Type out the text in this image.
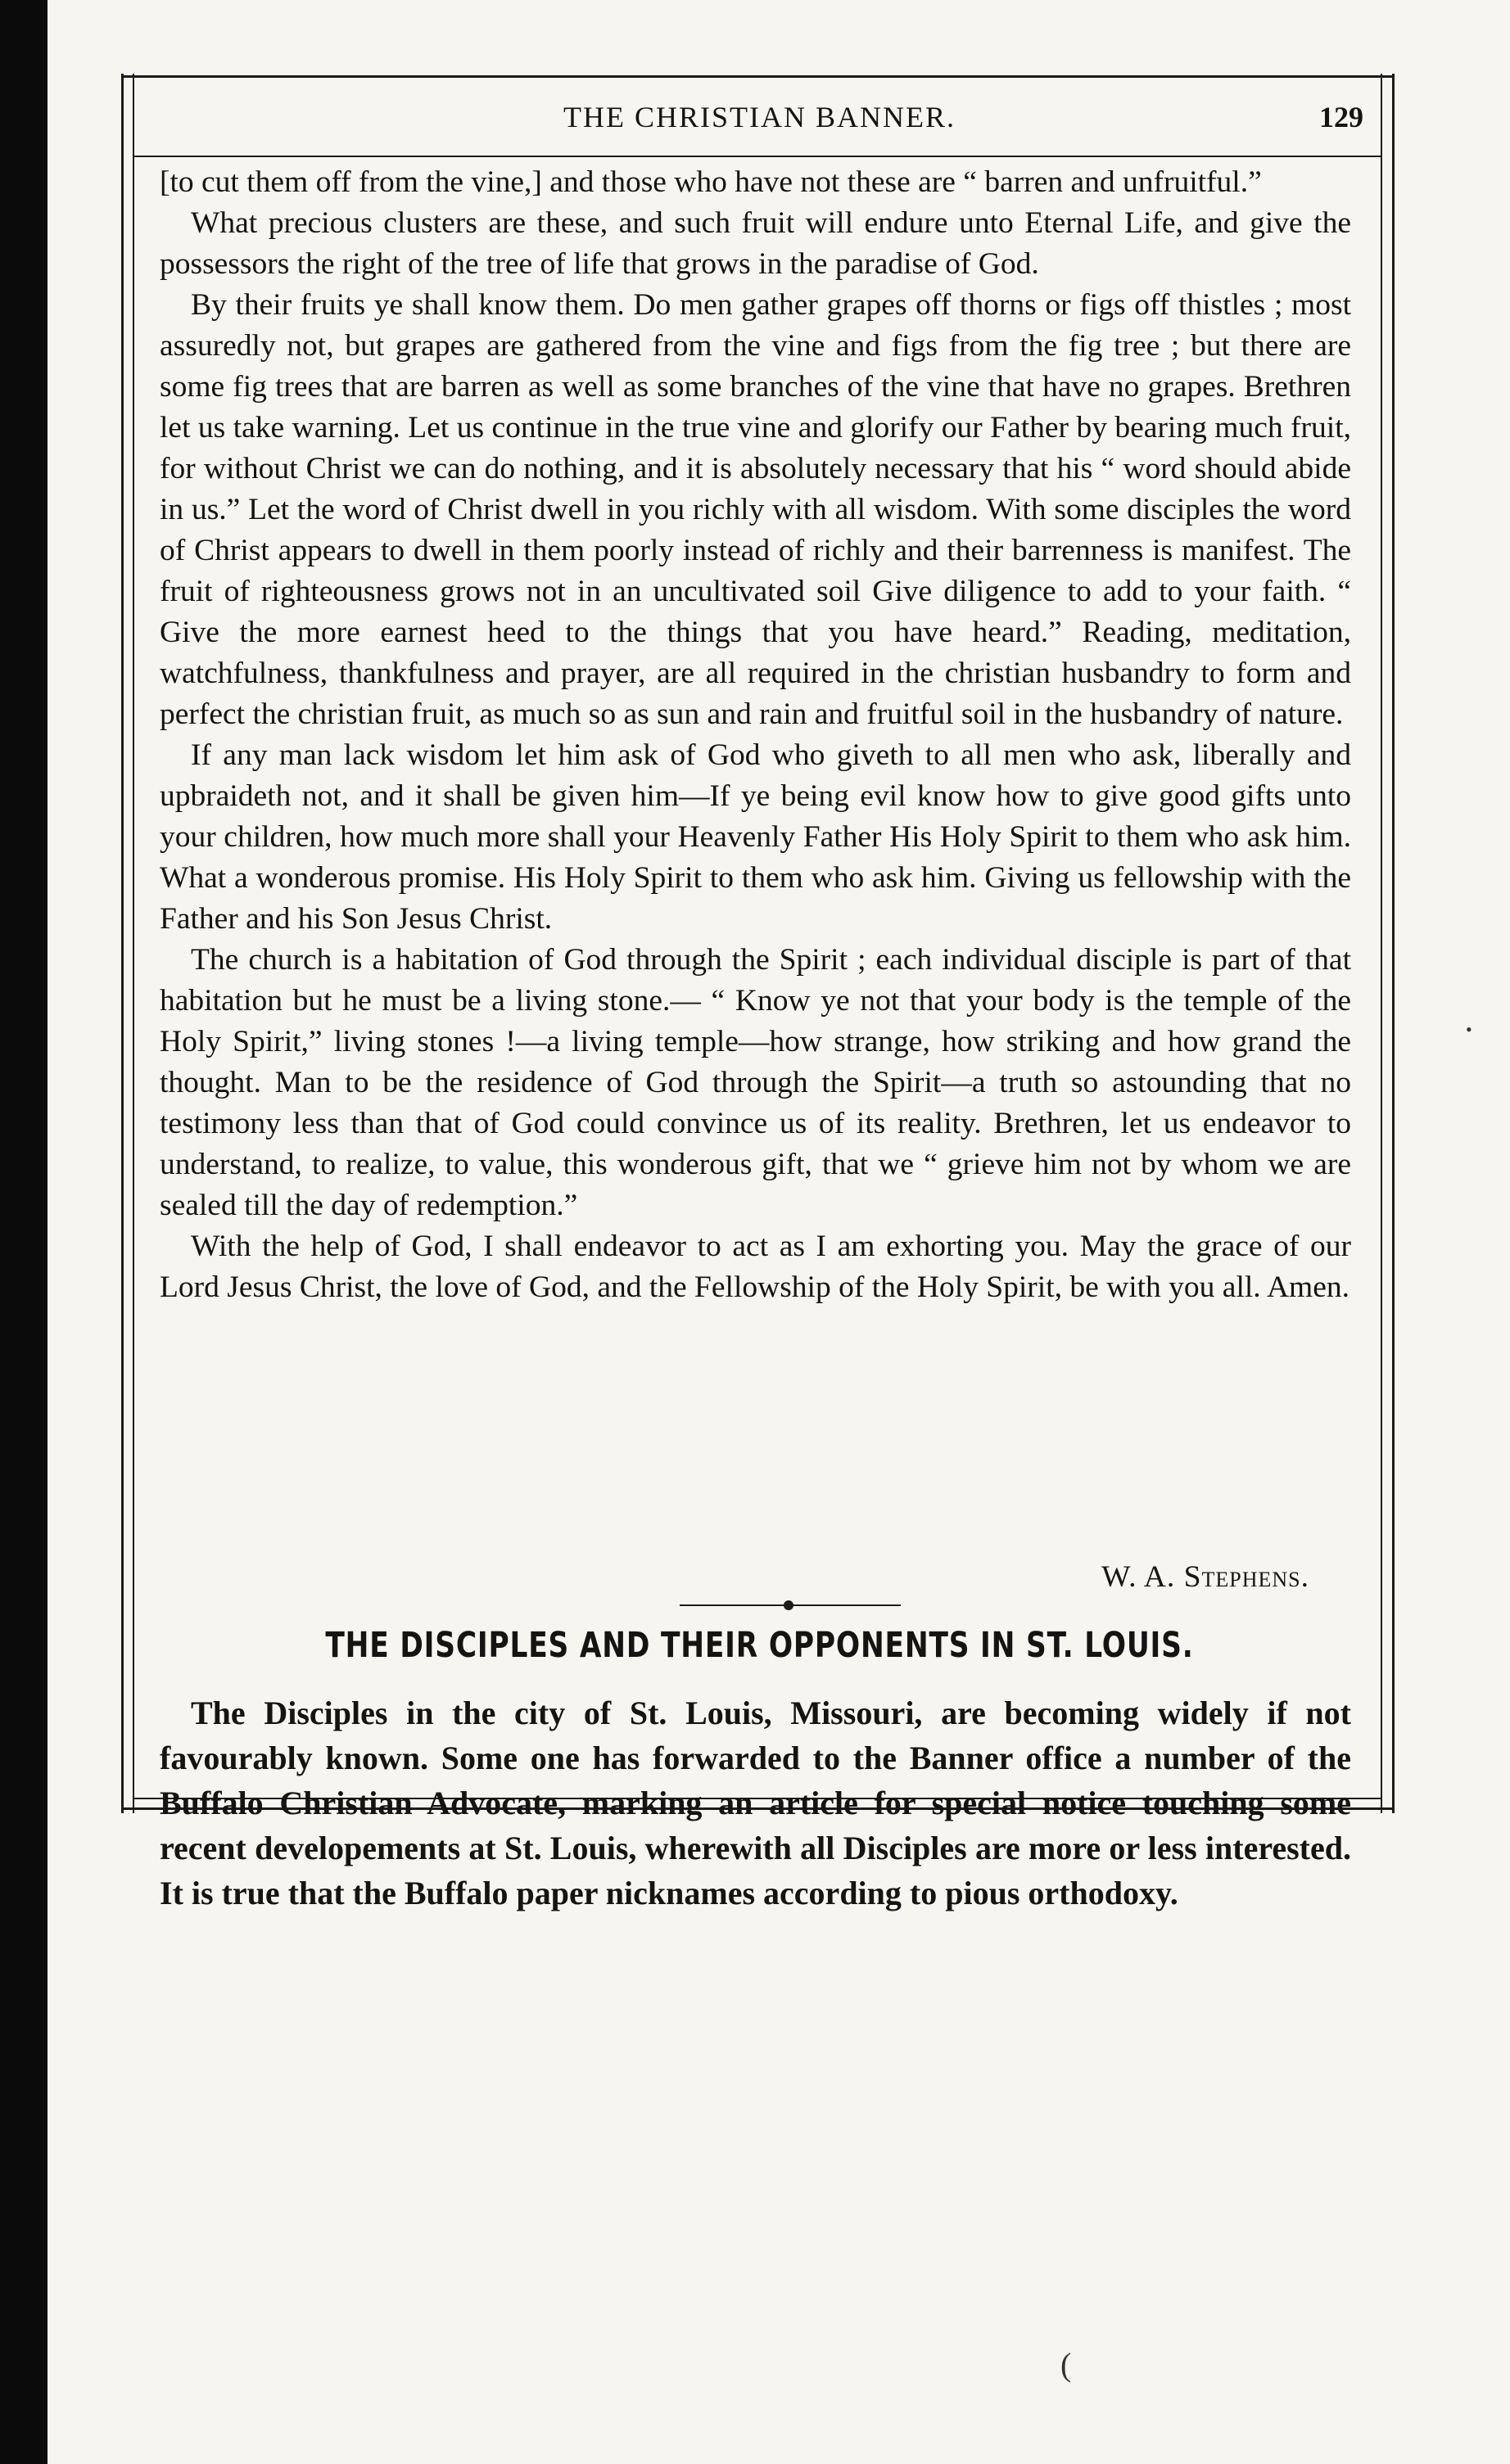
THE CHRISTIAN BANNER.	129

[to cut them off from the vine,] and those who have not these are “ barren and unfruitful.”

What precious clusters are these, and such fruit will endure unto Eternal Life, and give the possessors the right of the tree of life that grows in the paradise of God.

By their fruits ye shall know them. Do men gather grapes off thorns or figs off thistles ; most assuredly not, but grapes are gathered from the vine and figs from the fig tree ; but there are some fig trees that are barren as well as some branches of the vine that have no grapes. Brethren let us take warning. Let us continue in the true vine and glorify our Father by bearing much fruit, for without Christ we can do nothing, and it is absolutely necessary that his “ word should abide in us.” Let the word of Christ dwell in you richly with all wisdom. With some disciples the word of Christ appears to dwell in them poorly instead of richly and their barrenness is manifest. The fruit of righteousness grows not in an uncultivated soil Give diligence to add to your faith. “ Give the more earnest heed to the things that you have heard.” Reading, meditation, watchfulness, thankfulness and prayer, are all required in the christian husbandry to form and perfect the christian fruit, as much so as sun and rain and fruitful soil in the husbandry of nature.

If any man lack wisdom let him ask of God who giveth to all men who ask, liberally and upbraideth not, and it shall be given him—If ye being evil know how to give good gifts unto your children, how much more shall your Heavenly Father His Holy Spirit to them who ask him. What a wonderous promise. His Holy Spirit to them who ask him. Giving us fellowship with the Father and his Son Jesus Christ.

The church is a habitation of God through the Spirit ; each individual disciple is part of that habitation but he must be a living stone.— “ Know ye not that your body is the temple of the Holy Spirit,” living stones !—a living temple—how strange, how striking and how grand the thought. Man to be the residence of God through the Spirit—a truth so astounding that no testimony less than that of God could convince us of its reality. Brethren, let us endeavor to understand, to realize, to value, this wonderous gift, that we “ grieve him not by whom we are sealed till the day of redemption.”

With the help of God, I shall endeavor to act as I am exhorting you. May the grace of our Lord Jesus Christ, the love of God, and the Fellowship of the Holy Spirit, be with you all. Amen.

W. A. Stephens.
THE DISCIPLES AND THEIR OPPONENTS IN ST. LOUIS.

The Disciples in the city of St. Louis, Missouri, are becoming widely if not favourably known. Some one has forwarded to the Banner office a number of the Buffalo Christian Advocate, marking an article for special notice touching some recent developements at St. Louis, wherewith all Disciples are more or less interested. It is true that the Buffalo paper nicknames according to pious orthodoxy.

•
(
